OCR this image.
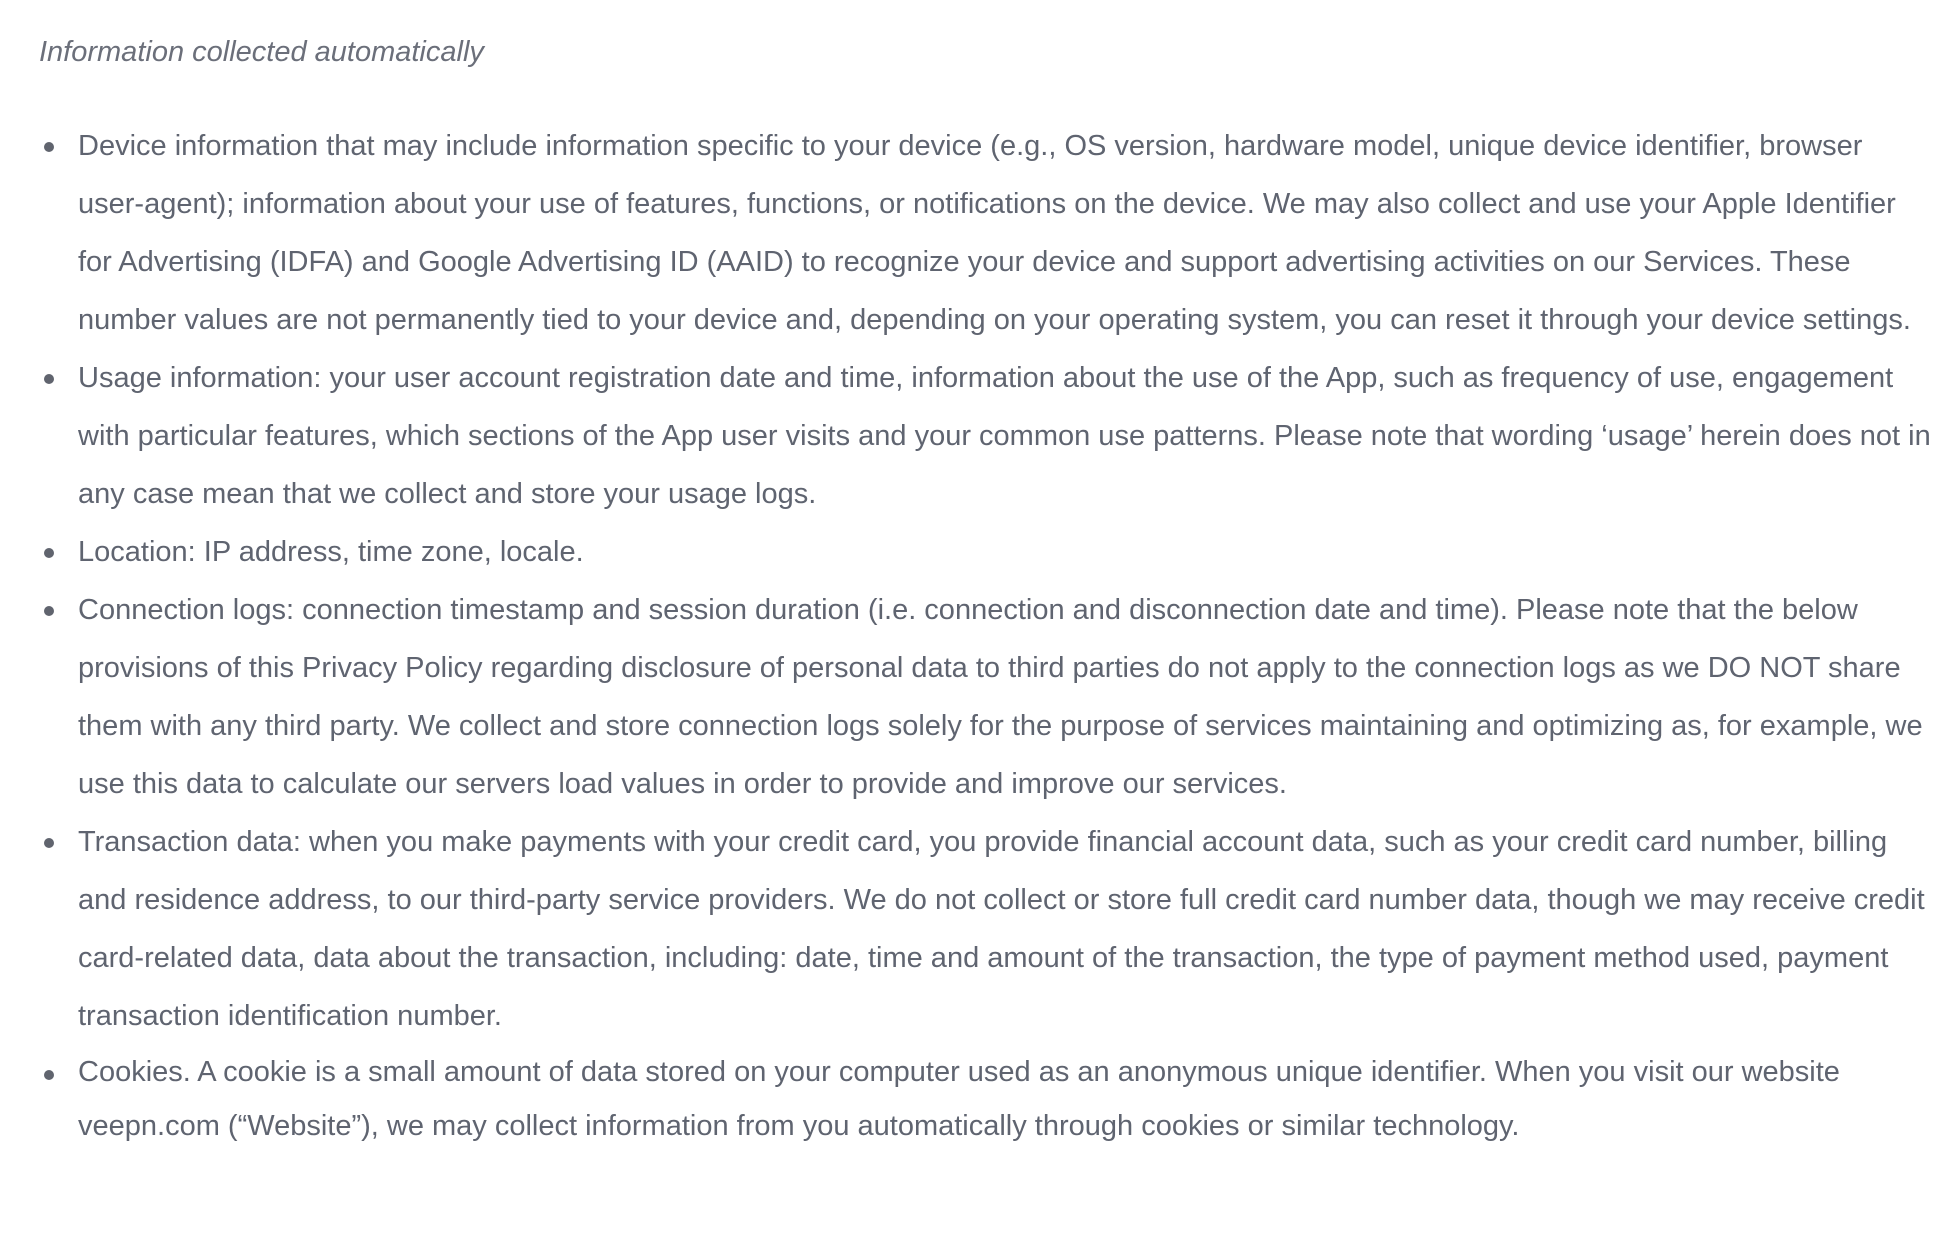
Information collected automatically
Device information that may include information specific to your device (e.g., OS version, hardware model, unique device identifier, browser user-agent); information about your use of features, functions, or notifications on the device. We may also collect and use your Apple Identifier for Advertising (IDFA) and Google Advertising ID (AAID) to recognize your device and support advertising activities on our Services. These number values are not permanently tied to your device and, depending on your operating system, you can reset it through your device settings.
Usage information: your user account registration date and time, information about the use of the App, such as frequency of use, engagement with particular features, which sections of the App user visits and your common use patterns. Please note that wording ‘usage’ herein does not in any case mean that we collect and store your usage logs.
Location: IP address, time zone, locale.
Connection logs: connection timestamp and session duration (i.e. connection and disconnection date and time). Please note that the below provisions of this Privacy Policy regarding disclosure of personal data to third parties do not apply to the connection logs as we DO NOT share them with any third party. We collect and store connection logs solely for the purpose of services maintaining and optimizing as, for example, we use this data to calculate our servers load values in order to provide and improve our services.
Transaction data: when you make payments with your credit card, you provide financial account data, such as your credit card number, billing and residence address, to our third-party service providers. We do not collect or store full credit card number data, though we may receive credit card-related data, data about the transaction, including: date, time and amount of the transaction, the type of payment method used, payment transaction identification number.
Cookies. A cookie is a small amount of data stored on your computer used as an anonymous unique identifier. When you visit our website veepn.com (“Website”), we may collect information from you automatically through cookies or similar technology.
